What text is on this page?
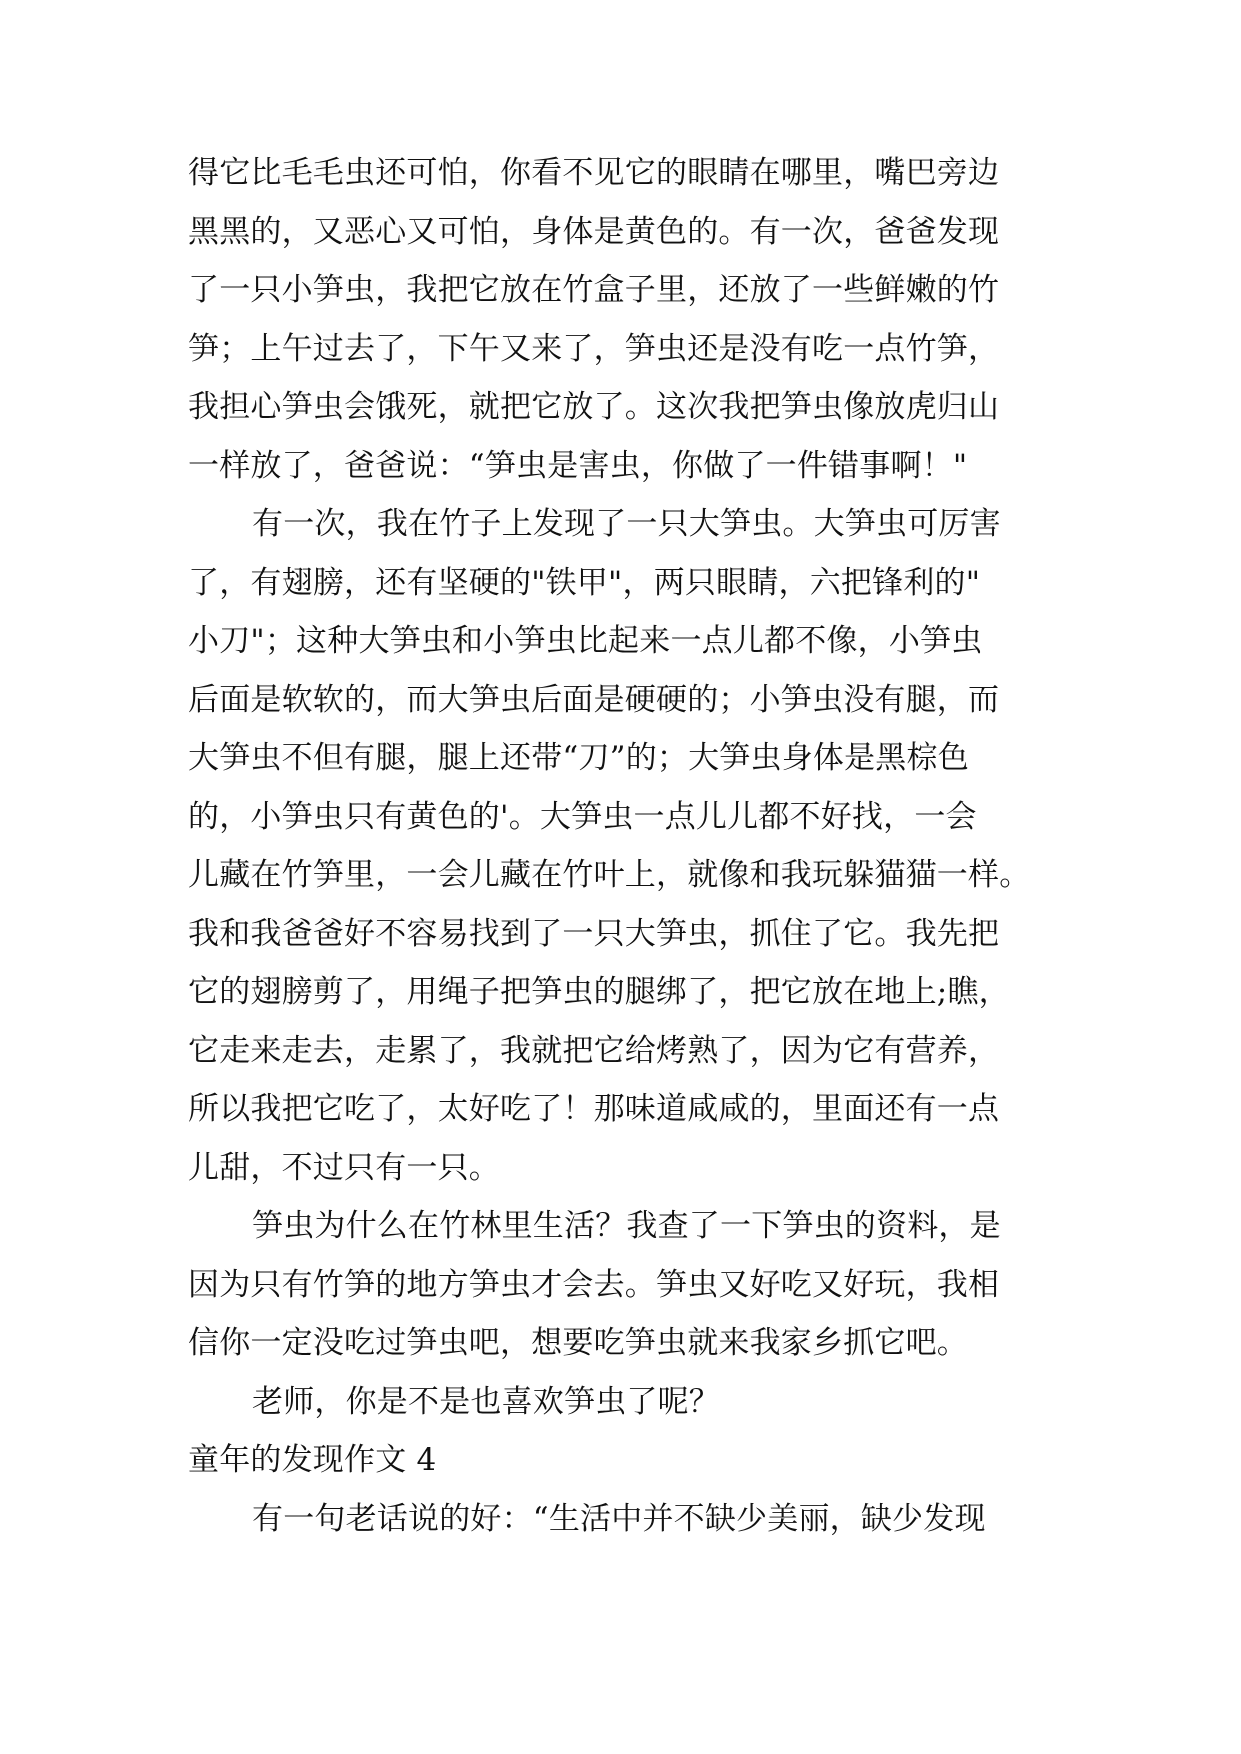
得它比毛毛虫还可怕，你看不见它的眼睛在哪里，嘴巴旁边
黑黑的，又恶心又可怕，身体是黄色的。有一次，爸爸发现
了一只小笋虫，我把它放在竹盒子里，还放了一些鲜嫩的竹
笋；上午过去了，下午又来了，笋虫还是没有吃一点竹笋，
我担心笋虫会饿死，就把它放了。这次我把笋虫像放虎归山
一样放了，爸爸说：“笋虫是害虫，你做了一件错事啊！"
有一次，我在竹子上发现了一只大笋虫。大笋虫可厉害
了，有翅膀，还有坚硬的"铁甲"，两只眼睛，六把锋利的"
小刀"；这种大笋虫和小笋虫比起来一点儿都不像，小笋虫
后面是软软的，而大笋虫后面是硬硬的；小笋虫没有腿，而
大笋虫不但有腿，腿上还带“刀”的；大笋虫身体是黑棕色
的，小笋虫只有黄色的'。大笋虫一点儿儿都不好找，一会
儿藏在竹笋里，一会儿藏在竹叶上，就像和我玩躲猫猫一样。
我和我爸爸好不容易找到了一只大笋虫，抓住了它。我先把
它的翅膀剪了，用绳子把笋虫的腿绑了，把它放在地上;瞧，
它走来走去，走累了，我就把它给烤熟了，因为它有营养，
所以我把它吃了，太好吃了！那味道咸咸的，里面还有一点
儿甜，不过只有一只。
笋虫为什么在竹林里生活？我查了一下笋虫的资料，是
因为只有竹笋的地方笋虫才会去。笋虫又好吃又好玩，我相
信你一定没吃过笋虫吧，想要吃笋虫就来我家乡抓它吧。
老师，你是不是也喜欢笋虫了呢？
童年的发现作文 4
有一句老话说的好：“生活中并不缺少美丽，缺少发现
